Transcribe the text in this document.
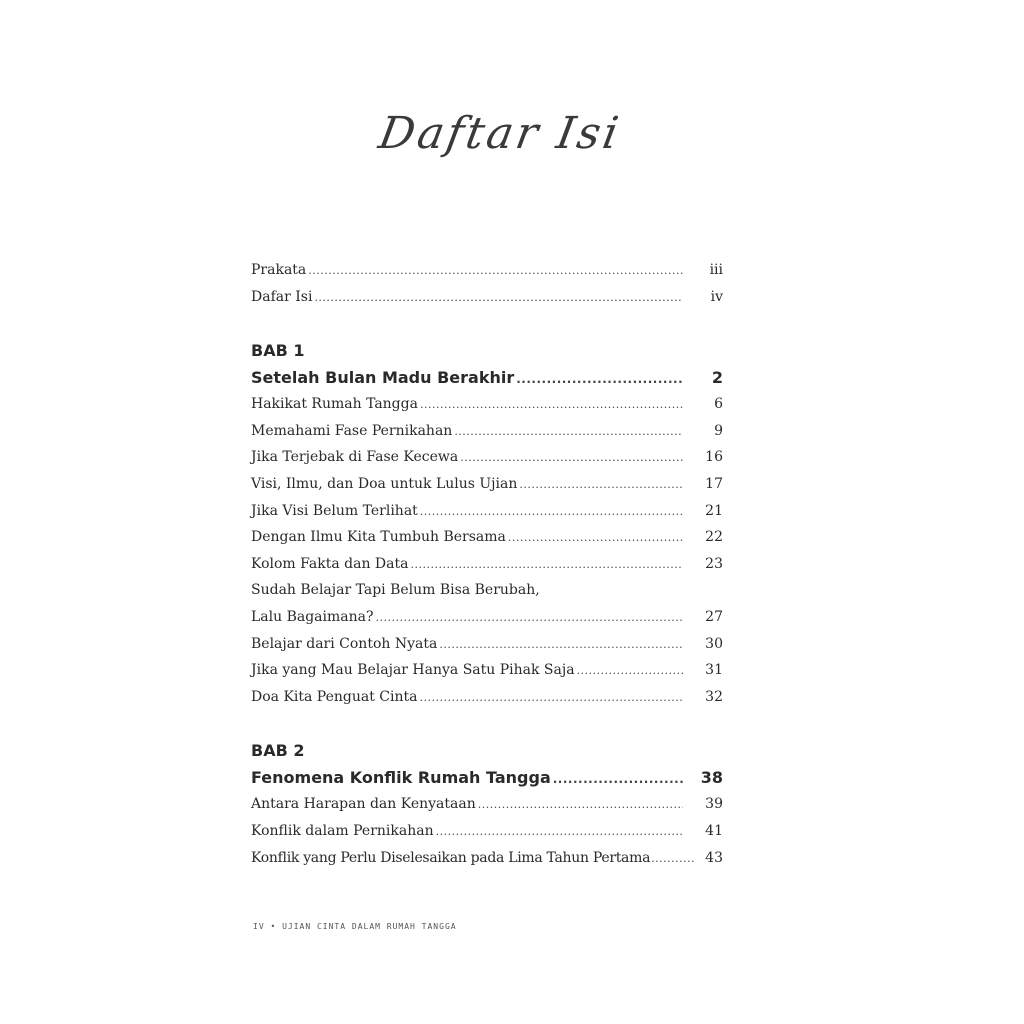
Daftar Isi
Prakata .....	iii
Dafar Isi .....	iv
BAB 1
Setelah Bulan Madu Berakhir .....	2
Hakikat Rumah Tangga .....	6
Memahami Fase Pernikahan .....	9
Jika Terjebak di Fase Kecewa .....	16
Visi, Ilmu, dan Doa untuk Lulus Ujian .....	17
Jika Visi Belum Terlihat .....	21
Dengan Ilmu Kita Tumbuh Bersama .....	22
Kolom Fakta dan Data .....	23
Sudah Belajar Tapi Belum Bisa Berubah,
Lalu Bagaimana? .....	27
Belajar dari Contoh Nyata .....	30
Jika yang Mau Belajar Hanya Satu Pihak Saja .....	31
Doa Kita Penguat Cinta .....	32
BAB 2
Fenomena Konflik Rumah Tangga .....	38
Antara Harapan dan Kenyataan .....	39
Konflik dalam Pernikahan .....	41
Konflik yang Perlu Diselesaikan pada Lima Tahun Pertama .....	43
IV • UJIAN CINTA DALAM RUMAH TANGGA
